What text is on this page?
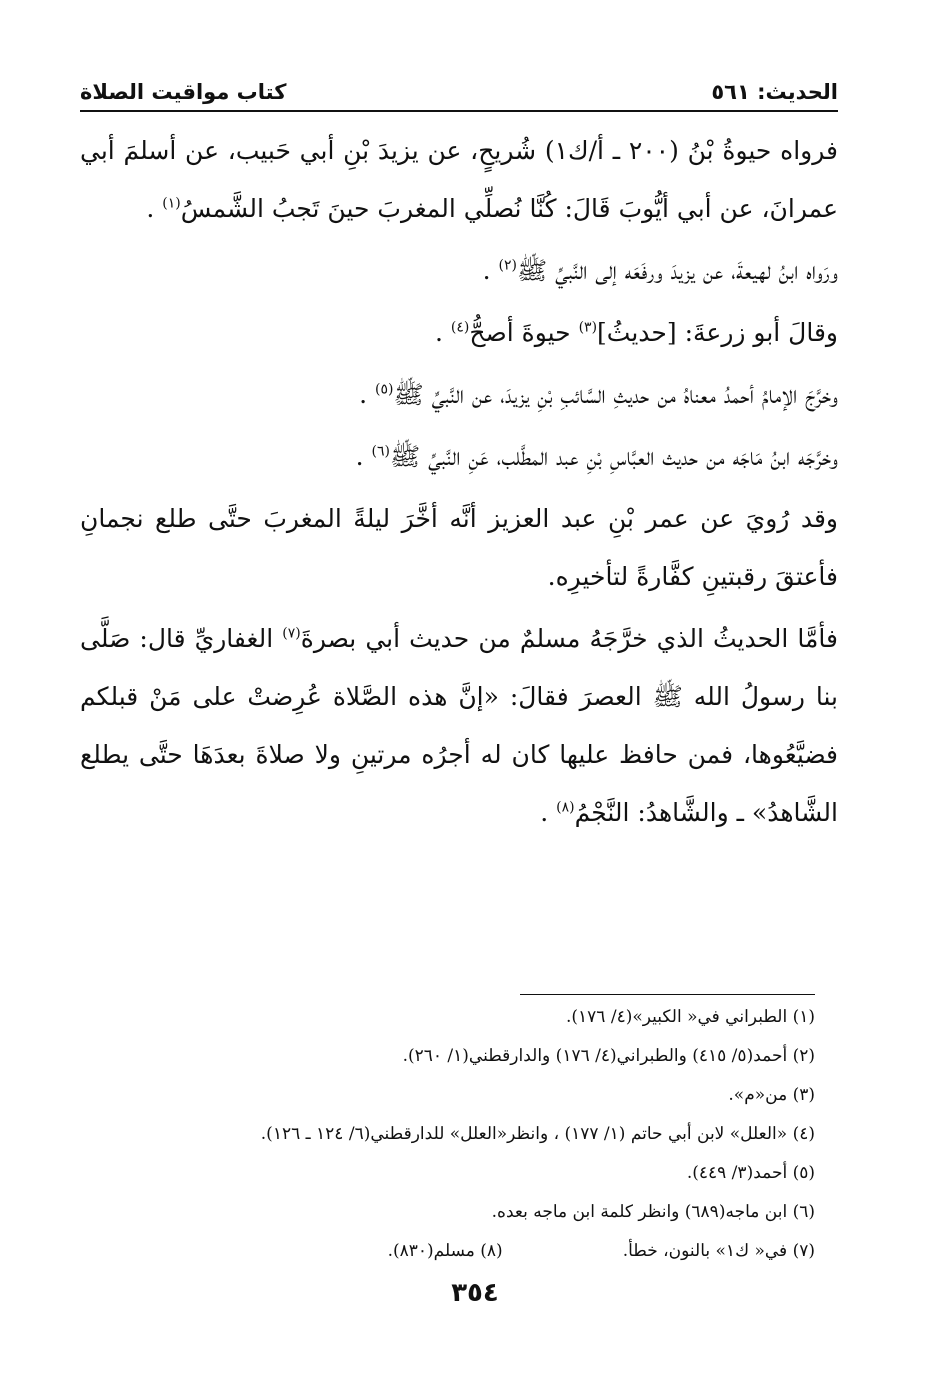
الحديث: ٥٦١
كتاب مواقيت الصلاة

فرواه حيوةُ بْنُ (٢٠٠ ـ أ/ك١) شُريحٍ، عن يزيدَ بْنِ أبي حَبيب، عن أسلمَ أبي عمرانَ، عن أبي أيُّوبَ قَالَ: كُنَّا نُصلِّي المغربَ حينَ تَجبُ الشَّمسُ$^{(١)}$ .

ورَواه ابنُ لهيعةَ، عن يزيدَ ورفَعَه إلى النَّبيِّ ﷺ$^{(٢)}$ .

وقالَ أبو زرعةَ: [حديثُ]$^{(٣)}$ حيوةَ أصحُّ$^{(٤)}$ .

وخرَّجَ الإمامُ أحمدُ معناهُ من حديثِ السَّائبِ بْنِ يزيدَ، عن النَّبيِّ ﷺ$^{(٥)}$ .

وخرَّجَه ابنُ مَاجَه من حديث العبَّاسِ بْنِ عبد المطَّلب، عَنِ النَّبيِّ ﷺ$^{(٦)}$ .

وقد رُويَ عن عمر بْنِ عبد العزيز أنَّه أخَّرَ ليلةً المغربَ حتَّى طلع نجمانِ فأعتقَ رقبتينِ كفَّارةً لتأخيرِه.

فأمَّا الحديثُ الذي خرَّجَهُ مسلمٌ من حديث أبي بصرةَ$^{(٧)}$ الغفاريِّ قال: صَلَّى بنا رسولُ الله ﷺ العصرَ فقالَ: «إنَّ هذه الصَّلاة عُرِضتْ على مَنْ قبلكم فضيَّعُوها، فمن حافظ عليها كان له أجرُه مرتينِ ولا صلاةَ بعدَهَا حتَّى يطلع الشَّاهدُ» ـ والشَّاهدُ: النَّجْمُ$^{(٨)}$ .

(١) الطبراني في« الكبير»(٤/ ١٧٦).
(٢) أحمد(٥/ ٤١٥) والطبراني(٤/ ١٧٦) والدارقطني(١/ ٢٦٠).
(٣) من«م».
(٤) «العلل» لابن أبي حاتم (١/ ١٧٧) ، وانظر«العلل» للدارقطني(٦/ ١٢٤ ـ ١٢٦).
(٥) أحمد(٣/ ٤٤٩).
(٦) ابن ماجه(٦٨٩) وانظر كلمة ابن ماجه بعده.
(٧) في« ك١» بالنون، خطأ.
(٨) مسلم(٨٣٠).
٣٥٤
